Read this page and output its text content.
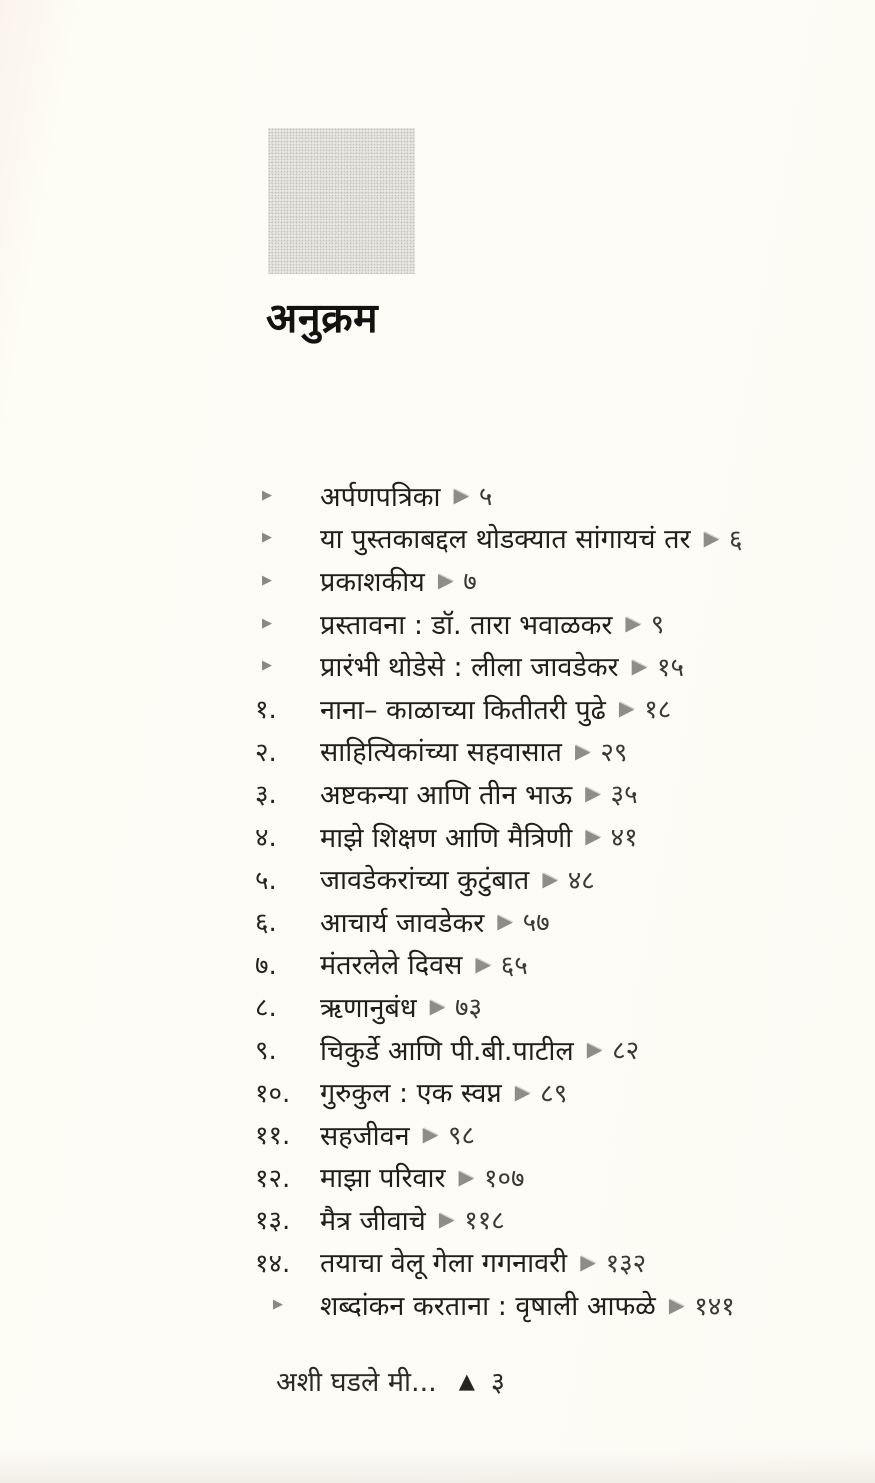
अनुक्रम
▶	अर्पणपत्रिका ▶ ५
▶	या पुस्तकाबद्दल थोडक्यात सांगायचं तर ▶ ६
▶	प्रकाशकीय ▶ ७
▶	प्रस्तावना : डॉ. तारा भवाळकर ▶ ९
▶	प्रारंभी थोडेसे : लीला जावडेकर ▶ १५
१.	नाना– काळाच्या कितीतरी पुढे ▶ १८
२.	साहित्यिकांच्या सहवासात ▶ २९
३.	अष्टकन्या आणि तीन भाऊ ▶ ३५
४.	माझे शिक्षण आणि मैत्रिणी ▶ ४१
५.	जावडेकरांच्या कुटुंबात ▶ ४८
६.	आचार्य जावडेकर ▶ ५७
७.	मंतरलेले दिवस ▶ ६५
८.	ऋणानुबंध ▶ ७३
९.	चिकुर्डे आणि पी.बी.पाटील ▶ ८२
१०.	गुरुकुल : एक स्वप्न ▶ ८९
११.	सहजीवन ▶ ९८
१२.	माझा परिवार ▶ १०७
१३.	मैत्र जीवाचे ▶ ११८
१४.	तयाचा वेलू गेला गगनावरी ▶ १३२
▶	शब्दांकन करताना : वृषाली आफळे ▶ १४१
अशी घडले मी... ▲ ३
